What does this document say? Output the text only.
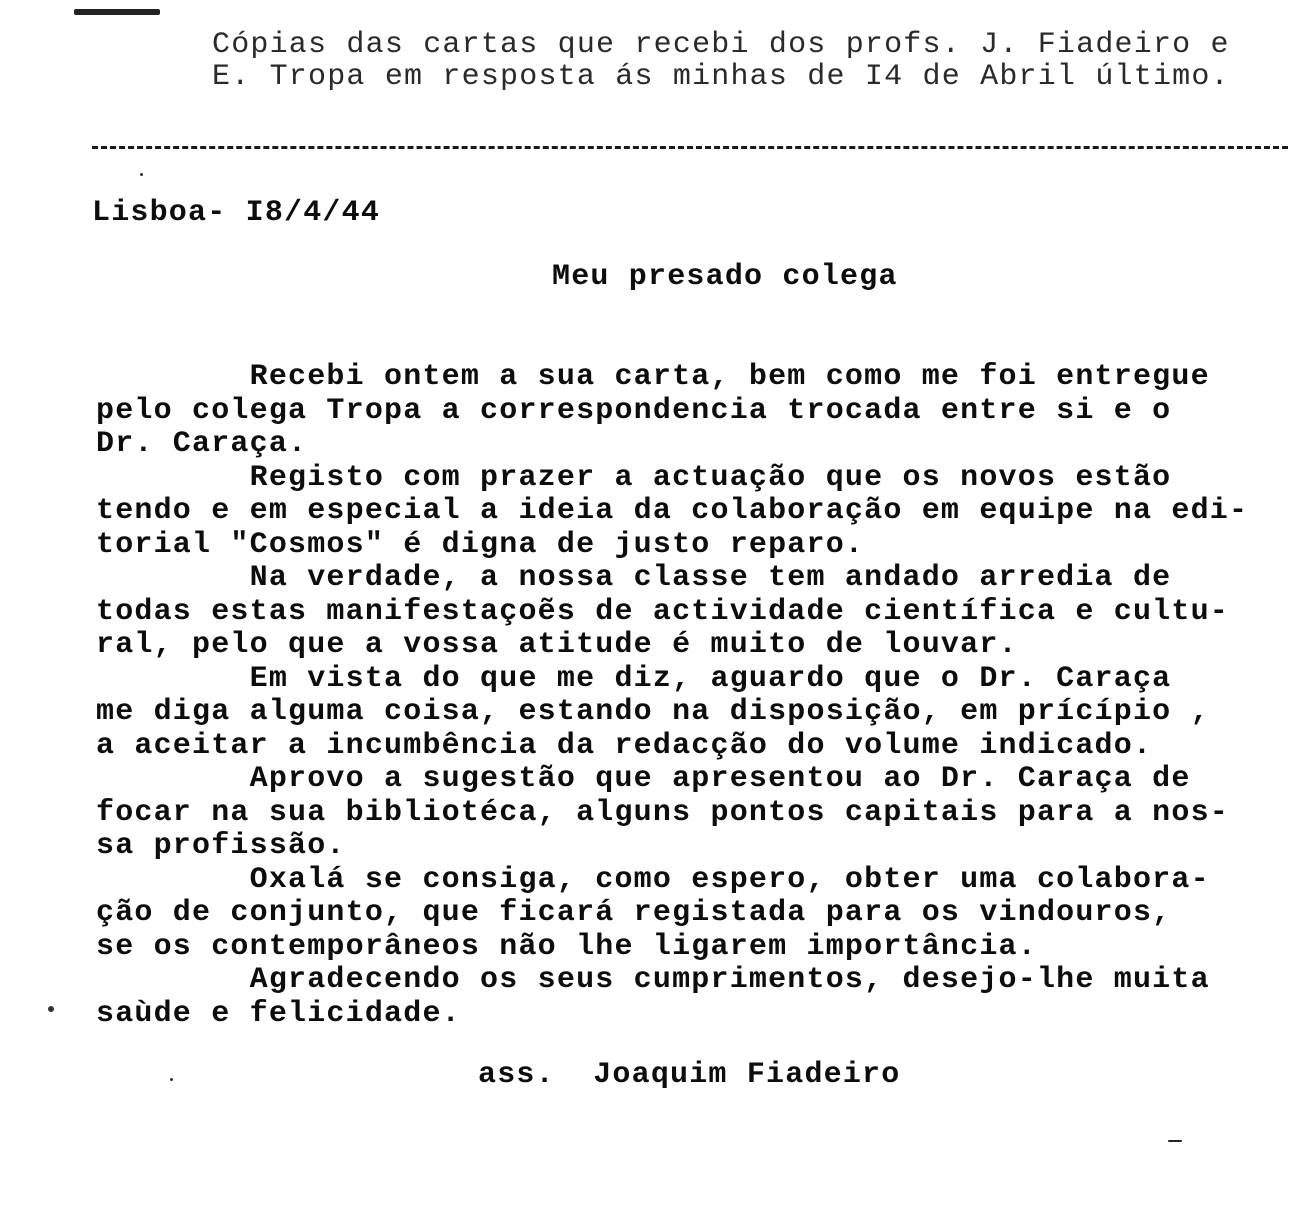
Cópias das cartas que recebi dos profs. J. Fiadeiro e
E. Tropa em resposta ás minhas de I4 de Abril último.
Lisboa- I8/4/44
Meu presado colega
Recebi ontem a sua carta, bem como me foi entregue
pelo colega Tropa a correspondencia trocada entre si e o
Dr. Caraça.
Registo com prazer a actuação que os novos estão
tendo e em especial a ideia da colaboração em equipe na edi-
torial "Cosmos" é digna de justo reparo.
Na verdade, a nossa classe tem andado arredia de
todas estas manifestaçoẽs de actividade científica e cultu-
ral, pelo que a vossa atitude é muito de louvar.
Em vista do que me diz, aguardo que o Dr. Caraça
me diga alguma coisa, estando na disposição, em prícípio ,
a aceitar a incumbência da redacção do volume indicado.
Aprovo a sugestão que apresentou ao Dr. Caraça de
focar na sua bibliotéca, alguns pontos capitais para a nos-
sa profissão.
Oxalá se consiga, como espero, obter uma colabora-
ção de conjunto, que ficará registada para os vindouros,
se os contemporâneos não lhe ligarem importância.
Agradecendo os seus cumprimentos, desejo-lhe muita
saùde e felicidade.
ass.  Joaquim Fiadeiro
